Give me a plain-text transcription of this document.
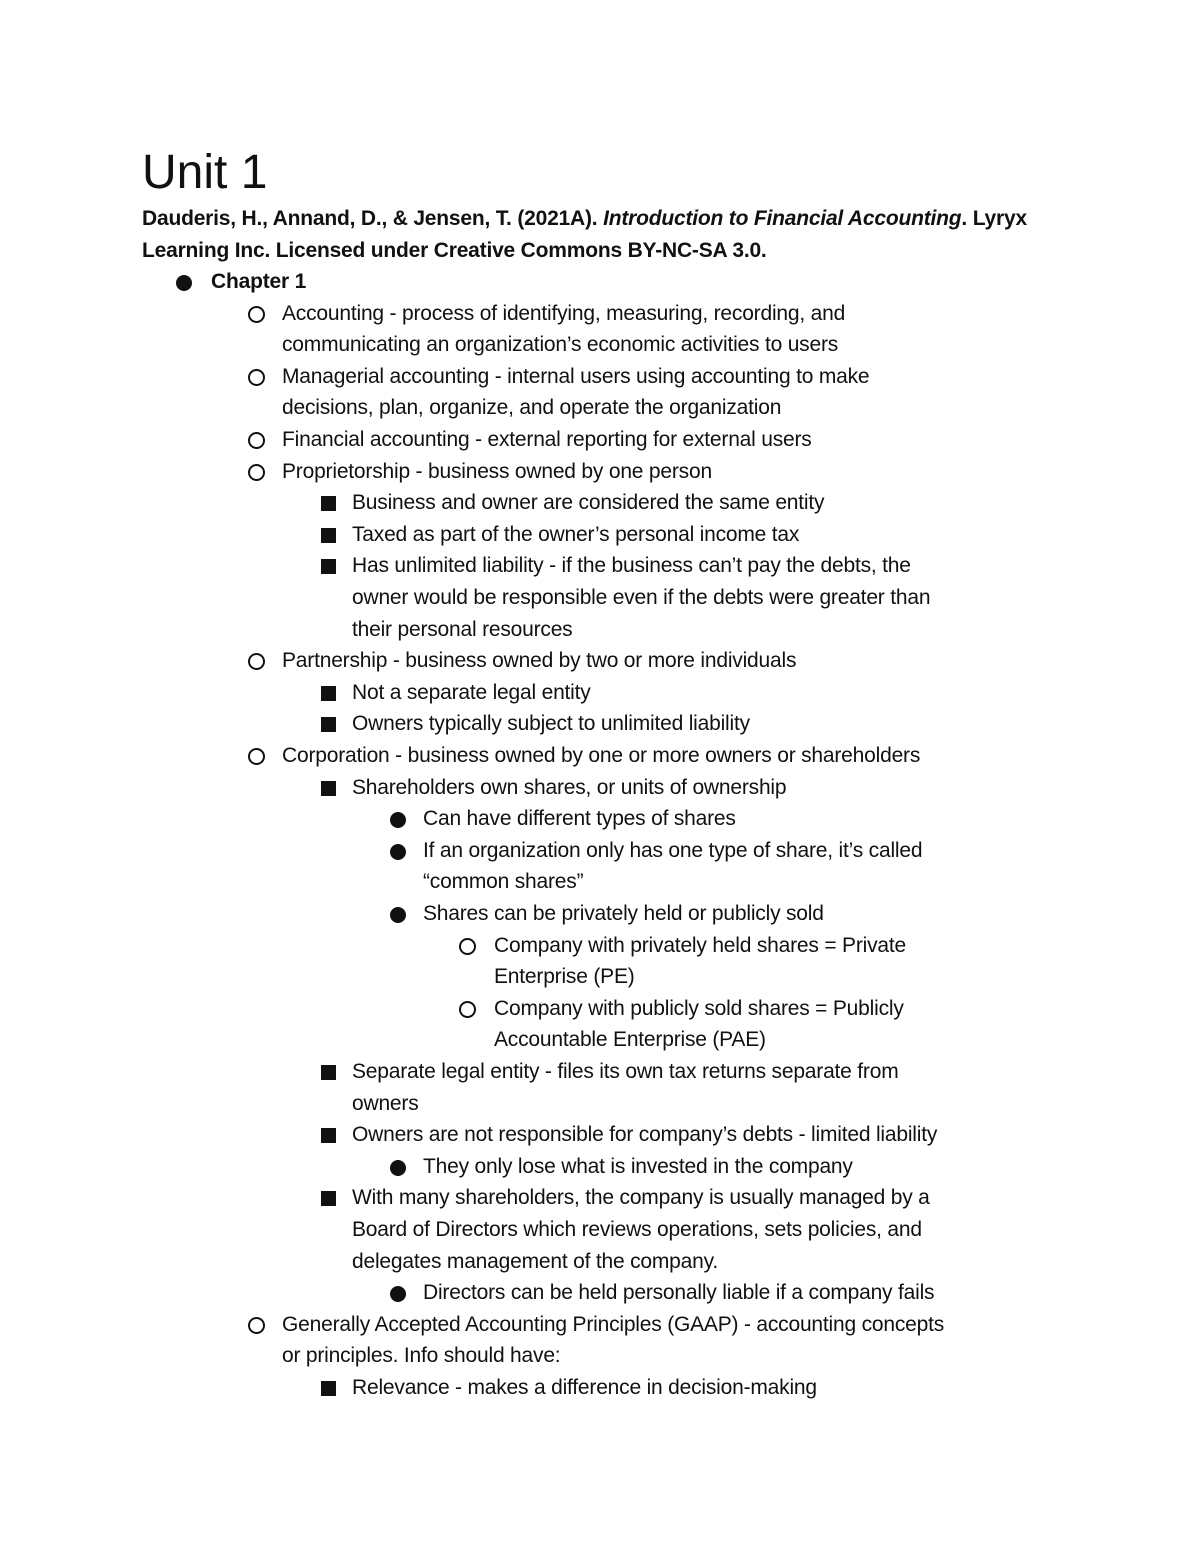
Unit 1

Dauderis, H., Annand, D., & Jensen, T. (2021A). Introduction to Financial Accounting. Lyryx Learning Inc. Licensed under Creative Commons BY-NC-SA 3.0.

Chapter 1
Accounting - process of identifying, measuring, recording, and
communicating an organization’s economic activities to users
Managerial accounting - internal users using accounting to make
decisions, plan, organize, and operate the organization
Financial accounting - external reporting for external users
Proprietorship - business owned by one person
Business and owner are considered the same entity
Taxed as part of the owner’s personal income tax
Has unlimited liability - if the business can’t pay the debts, the
owner would be responsible even if the debts were greater than
their personal resources
Partnership - business owned by two or more individuals
Not a separate legal entity
Owners typically subject to unlimited liability
Corporation - business owned by one or more owners or shareholders
Shareholders own shares, or units of ownership
Can have different types of shares
If an organization only has one type of share, it’s called
“common shares”
Shares can be privately held or publicly sold
Company with privately held shares = Private
Enterprise (PE)
Company with publicly sold shares = Publicly
Accountable Enterprise (PAE)
Separate legal entity - files its own tax returns separate from
owners
Owners are not responsible for company’s debts - limited liability
They only lose what is invested in the company
With many shareholders, the company is usually managed by a
Board of Directors which reviews operations, sets policies, and
delegates management of the company.
Directors can be held personally liable if a company fails
Generally Accepted Accounting Principles (GAAP) - accounting concepts
or principles. Info should have:
Relevance - makes a difference in decision-making
